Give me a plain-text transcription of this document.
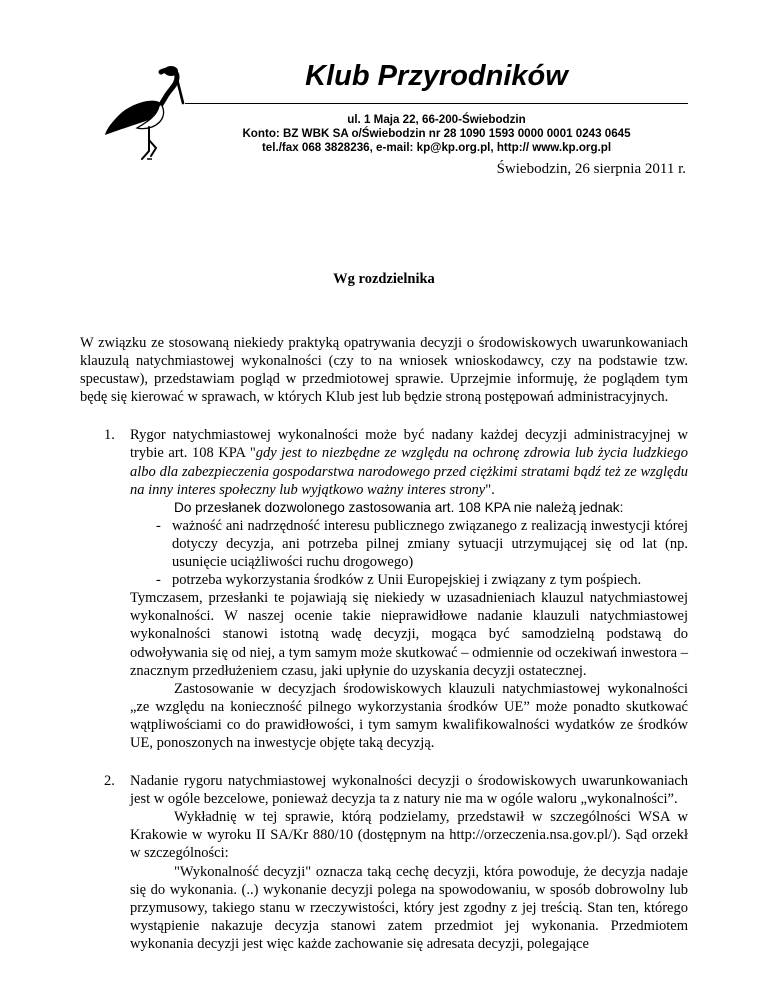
Klub Przyrodników
ul. 1 Maja 22, 66-200-Świebodzin
Konto: BZ WBK SA o/Świebodzin nr 28 1090 1593 0000 0001 0243 0645
tel./fax 068 3828236, e-mail: kp@kp.org.pl, http:// www.kp.org.pl
Świebodzin, 26 sierpnia 2011 r.
Wg rozdzielnika

W związku ze stosowaną niekiedy praktyką opatrywania decyzji o środowiskowych uwarunkowaniach klauzulą natychmiastowej wykonalności (czy to na wniosek wnioskodawcy, czy na podstawie tzw. specustaw), przedstawiam pogląd w przedmiotowej sprawie. Uprzejmie informuję, że poglądem tym będę się kierować w sprawach, w których Klub jest lub będzie stroną postępowań administracyjnych.

1. Rygor natychmiastowej wykonalności może być nadany każdej decyzji administracyjnej w trybie art. 108 KPA "gdy jest to niezbędne ze względu na ochronę zdrowia lub życia ludzkiego albo dla zabezpieczenia gospodarstwa narodowego przed ciężkimi stratami bądź też ze względu na inny interes społeczny lub wyjątkowo ważny interes strony".

Do przesłanek dozwolonego zastosowania art. 108 KPA nie należą jednak:

- ważność ani nadrzędność interesu publicznego związanego z realizacją inwestycji której dotyczy decyzja, ani potrzeba pilnej zmiany sytuacji utrzymującej się od lat (np. usunięcie uciążliwości ruchu drogowego)
- potrzeba wykorzystania środków z Unii Europejskiej i związany z tym pośpiech.

Tymczasem, przesłanki te pojawiają się niekiedy w uzasadnieniach klauzul natychmiastowej wykonalności. W naszej ocenie takie nieprawidłowe nadanie klauzuli natychmiastowej wykonalności stanowi istotną wadę decyzji, mogąca być samodzielną podstawą do odwoływania się od niej, a tym samym może skutkować – odmiennie od oczekiwań inwestora – znacznym przedłużeniem czasu, jaki upłynie do uzyskania decyzji ostatecznej.

Zastosowanie w decyzjach środowiskowych klauzuli natychmiastowej wykonalności „ze względu na konieczność pilnego wykorzystania środków UE” może ponadto skutkować wątpliwościami co do prawidłowości, i tym samym kwalifikowalności wydatków ze środków UE, ponoszonych na inwestycje objęte taką decyzją.

2. Nadanie rygoru natychmiastowej wykonalności decyzji o środowiskowych uwarunkowaniach jest w ogóle bezcelowe, ponieważ decyzja ta z natury nie ma w ogóle waloru „wykonalności”.

Wykładnię w tej sprawie, którą podzielamy, przedstawił w szczególności WSA w Krakowie w wyroku II SA/Kr 880/10 (dostępnym na http://orzeczenia.nsa.gov.pl/). Sąd orzekł w szczególności:

"Wykonalność decyzji" oznacza taką cechę decyzji, która powoduje, że decyzja nadaje się do wykonania. (..) wykonanie decyzji polega na spowodowaniu, w sposób dobrowolny lub przymusowy, takiego stanu w rzeczywistości, który jest zgodny z jej treścią. Stan ten, którego wystąpienie nakazuje decyzja stanowi zatem przedmiot jej wykonania. Przedmiotem wykonania decyzji jest więc każde zachowanie się adresata decyzji, polegające
